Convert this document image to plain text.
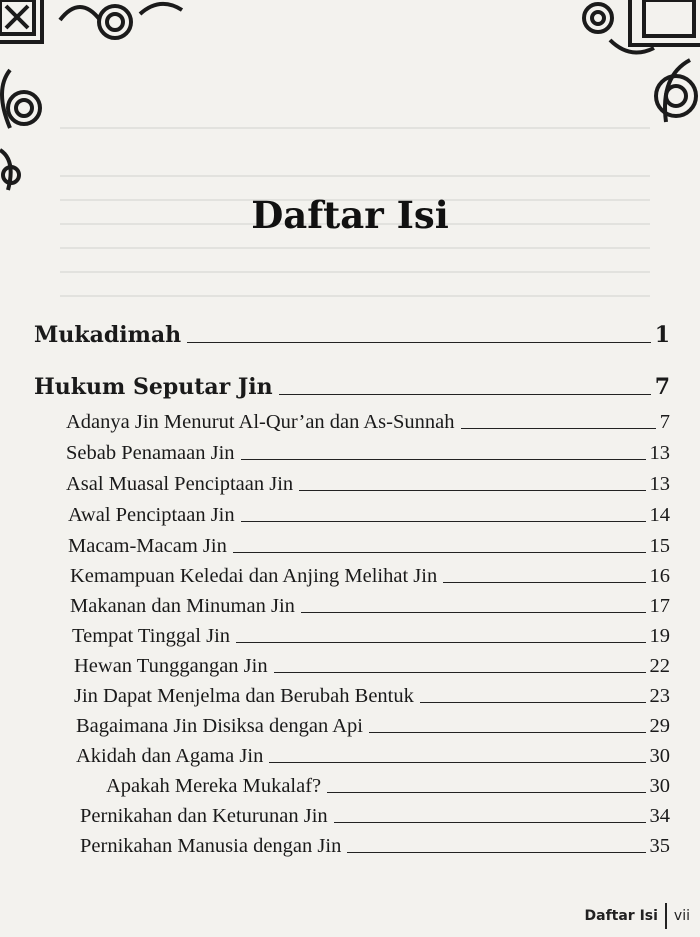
Daftar Isi
Mukadimah	1
Hukum Seputar Jin	7
Adanya Jin Menurut Al-Qur’an dan As-Sunnah	7
Sebab Penamaan Jin	13
Asal Muasal Penciptaan Jin	13
Awal Penciptaan Jin	14
Macam-Macam Jin	15
Kemampuan Keledai dan Anjing Melihat Jin	16
Makanan dan Minuman Jin	17
Tempat Tinggal Jin	19
Hewan Tunggangan Jin	22
Jin Dapat Menjelma dan Berubah Bentuk	23
Bagaimana Jin Disiksa dengan Api	29
Akidah dan Agama Jin	30
Apakah Mereka Mukalaf?	30
Pernikahan dan Keturunan Jin	34
Pernikahan Manusia dengan Jin	35
Daftar Isi vii
